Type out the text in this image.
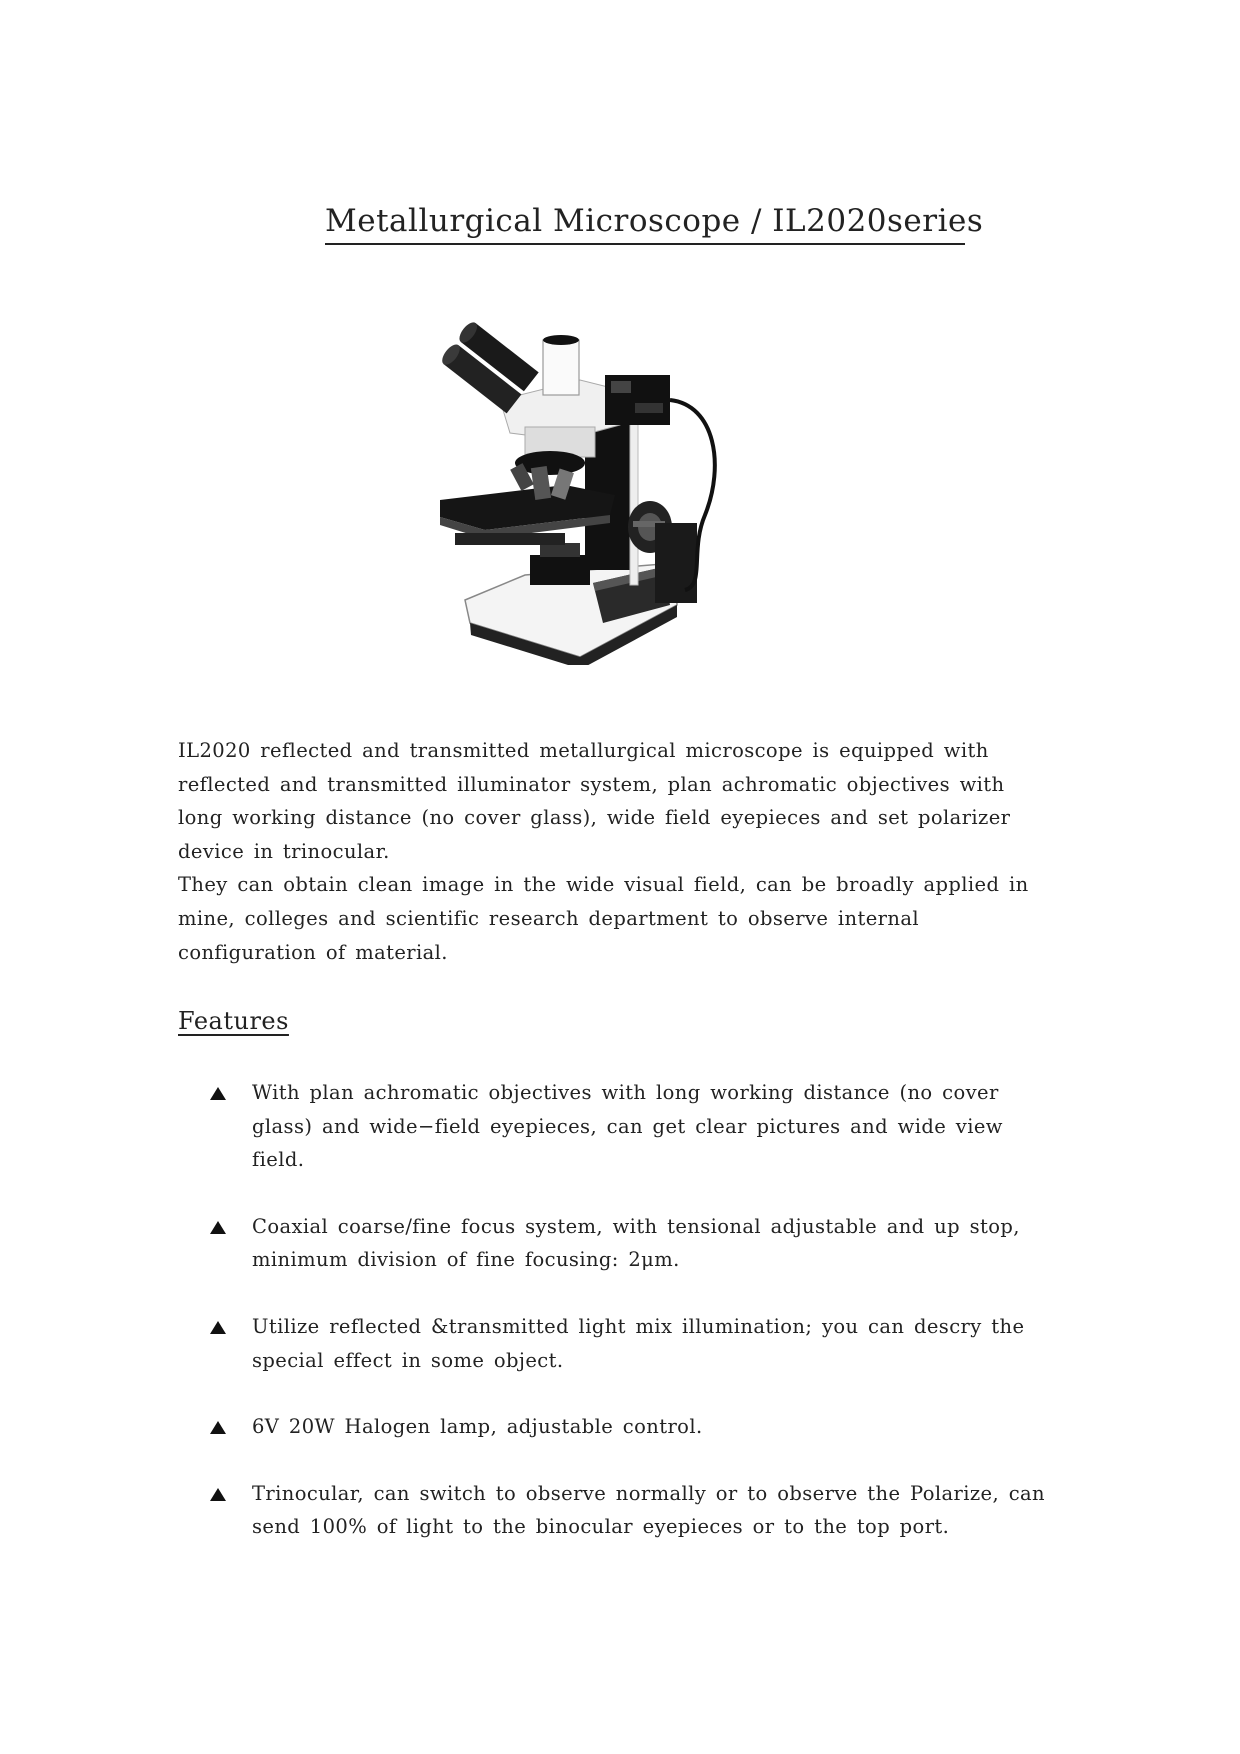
Metallurgical Microscope / IL2020series

IL2020 reflected and transmitted metallurgical microscope is equipped with reflected and transmitted illuminator system, plan achromatic objectives with long working distance (no cover glass), wide field eyepieces and set polarizer device in trinocular.

They can obtain clean image in the wide visual field, can be broadly applied in mine, colleges and scientific research department to observe internal configuration of material.

Features
With plan achromatic objectives with long working distance (no cover glass) and wide−field eyepieces, can get clear pictures and wide view field.
Coaxial coarse/fine focus system, with tensional adjustable and up stop, minimum division of fine focusing: 2μm.
Utilize reflected &transmitted light mix illumination; you can descry the special effect in some object.
6V 20W Halogen lamp, adjustable control.
Trinocular, can switch to observe normally or to observe the Polarize, can send 100% of light to the binocular eyepieces or to the top port.
